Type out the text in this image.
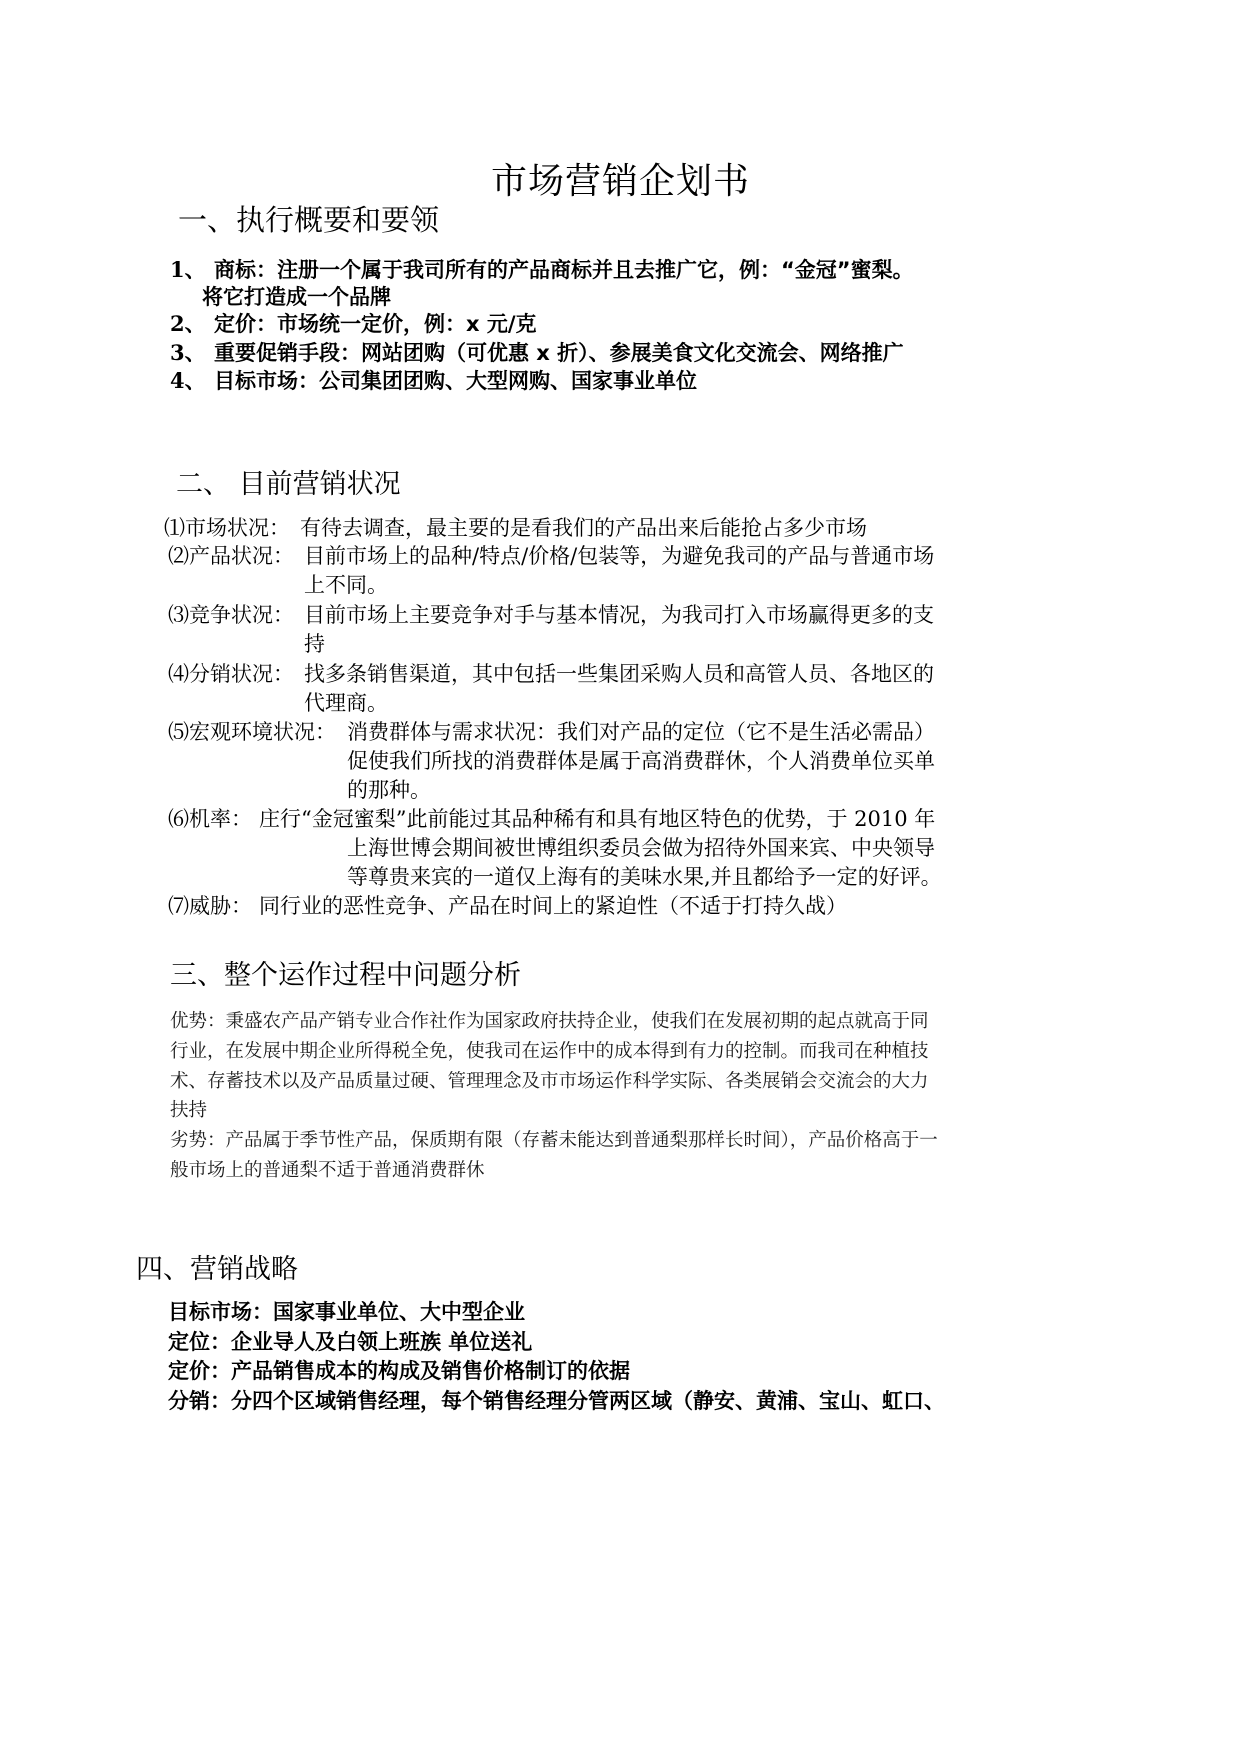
市场营销企划书
一、执行概要和要领
1、 商标：注册一个属于我司所有的产品商标并且去推广它，例：“金冠”蜜梨。
将它打造成一个品牌
2、 定价：市场统一定价，例：x 元/克
3、 重要促销手段：网站团购（可优惠 x 折）、参展美食文化交流会、网络推广
4、 目标市场：公司集团团购、大型网购、国家事业单位
二、 目前营销状况
⑴市场状况： 有待去调查，最主要的是看我们的产品出来后能抢占多少市场
⑵产品状况： 目前市场上的品种/特点/价格/包装等，为避免我司的产品与普通市场
上不同。
⑶竞争状况： 目前市场上主要竞争对手与基本情况，为我司打入市场赢得更多的支
持
⑷分销状况： 找多条销售渠道，其中包括一些集团采购人员和高管人员、各地区的
代理商。
⑸宏观环境状况： 消费群体与需求状况：我们对产品的定位（它不是生活必需品）
促使我们所找的消费群体是属于高消费群休，个人消费单位买单
的那种。
⑹机率： 庄行“金冠蜜梨”此前能过其品种稀有和具有地区特色的优势，于 2010 年
上海世博会期间被世博组织委员会做为招待外国来宾、中央领导
等尊贵来宾的一道仅上海有的美味水果,并且都给予一定的好评。
⑺威胁： 同行业的恶性竞争、产品在时间上的紧迫性（不适于打持久战）
三、整个运作过程中问题分析
优势：秉盛农产品产销专业合作社作为国家政府扶持企业，使我们在发展初期的起点就高于同
行业，在发展中期企业所得税全免，使我司在运作中的成本得到有力的控制。而我司在种植技
术、存蓄技术以及产品质量过硬、管理理念及市市场运作科学实际、各类展销会交流会的大力
扶持
劣势：产品属于季节性产品，保质期有限（存蓄未能达到普通梨那样长时间），产品价格高于一
般市场上的普通梨不适于普通消费群休
四、营销战略
目标市场：国家事业单位、大中型企业
定位：企业导人及白领上班族 单位送礼
定价：产品销售成本的构成及销售价格制订的依据
分销：分四个区域销售经理，每个销售经理分管两区域（静安、黄浦、宝山、虹口、
